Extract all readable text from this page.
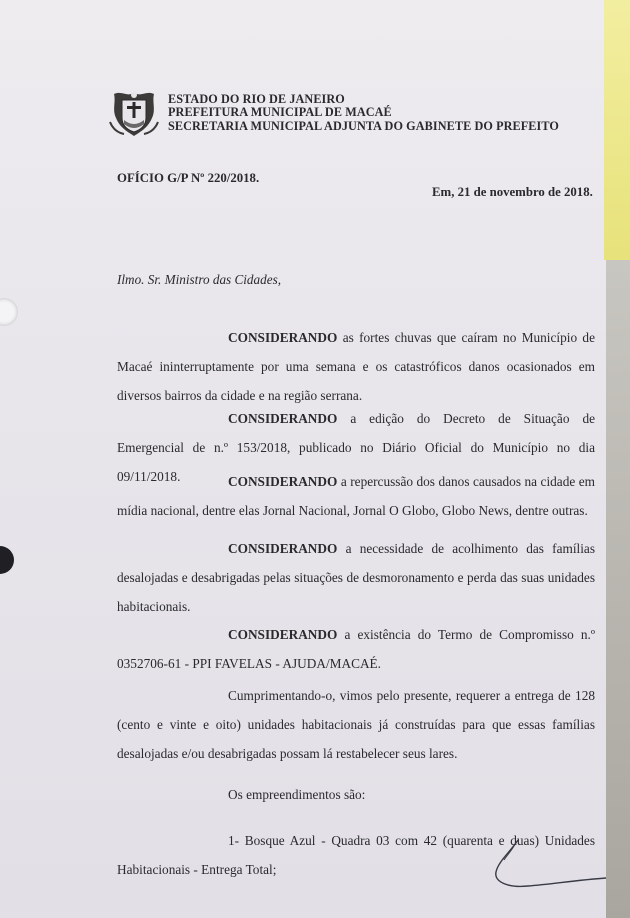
ESTADO DO RIO DE JANEIRO
PREFEITURA MUNICIPAL DE MACAÉ
SECRETARIA MUNICIPAL ADJUNTA DO GABINETE DO PREFEITO
OFÍCIO G/P Nº 220/2018.
Em, 21 de novembro de 2018.
Ilmo. Sr. Ministro das Cidades,
CONSIDERANDO as fortes chuvas que caíram no Município de Macaé ininterruptamente por uma semana e os catastróficos danos ocasionados em diversos bairros da cidade e na região serrana.
CONSIDERANDO a edição do Decreto de Situação de Emergencial de n.º 153/2018, publicado no Diário Oficial do Município no dia 09/11/2018.	CONSIDERANDO a repercussão dos danos causados na cidade em mídia nacional, dentre elas Jornal Nacional, Jornal O Globo, Globo News, dentre outras.
CONSIDERANDO a necessidade de acolhimento das famílias desalojadas e desabrigadas pelas situações de desmoronamento e perda das suas unidades habitacionais.
CONSIDERANDO a existência do Termo de Compromisso n.º 0352706-61 - PPI FAVELAS - AJUDA/MACAÉ.
Cumprimentando-o, vimos pelo presente, requerer a entrega de 128 (cento e vinte e oito) unidades habitacionais já construídas para que essas famílias desalojadas e/ou desabrigadas possam lá restabelecer seus lares.
Os empreendimentos são:
1- Bosque Azul - Quadra 03 com 42 (quarenta e duas) Unidades Habitacionais - Entrega Total;
